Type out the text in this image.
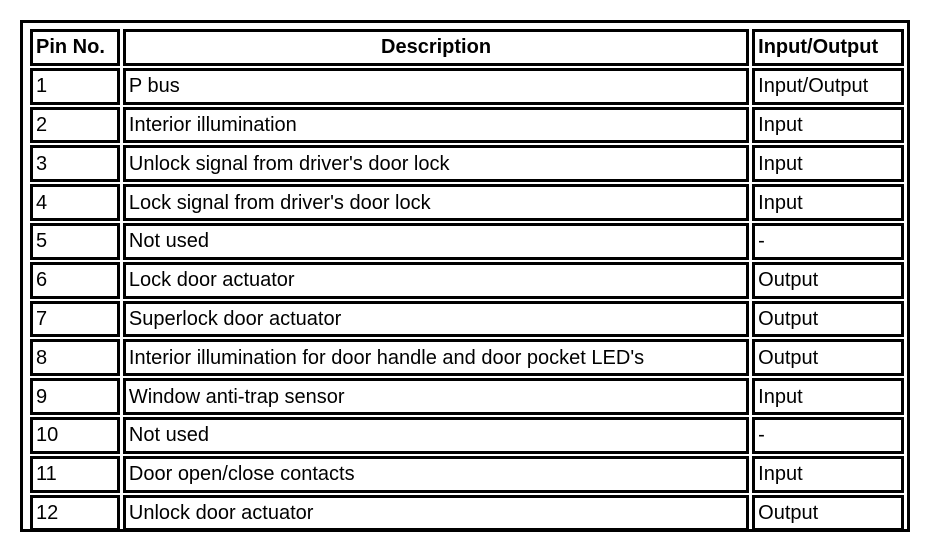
Pin No.	Description	Input/Output
1	P bus	Input/Output
2	Interior illumination	Input
3	Unlock signal from driver's door lock	Input
4	Lock signal from driver's door lock	Input
5	Not used	-
6	Lock door actuator	Output
7	Superlock door actuator	Output
8	Interior illumination for door handle and door pocket LED's	Output
9	Window anti-trap sensor	Input
10	Not used	-
11	Door open/close contacts	Input
12	Unlock door actuator	Output
